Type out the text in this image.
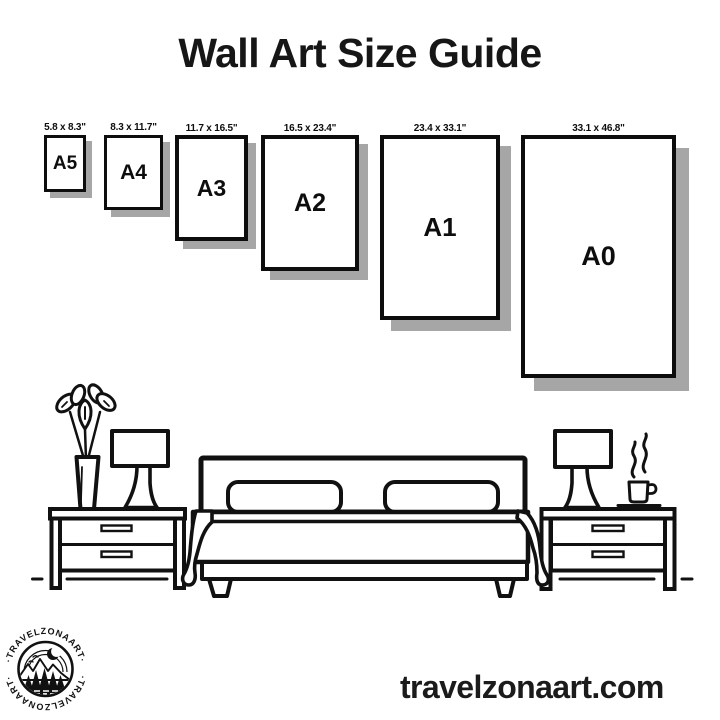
Wall Art Size Guide
5.8 x 8.3"
A5
8.3 x 11.7"
A4
11.7 x 16.5"
A3
16.5 x 23.4"
A2
23.4 x 33.1"
A1
33.1 x 46.8"
A0
·TRAVELZONAART·
·TRAVELZONAART·	travelzonaart.com
